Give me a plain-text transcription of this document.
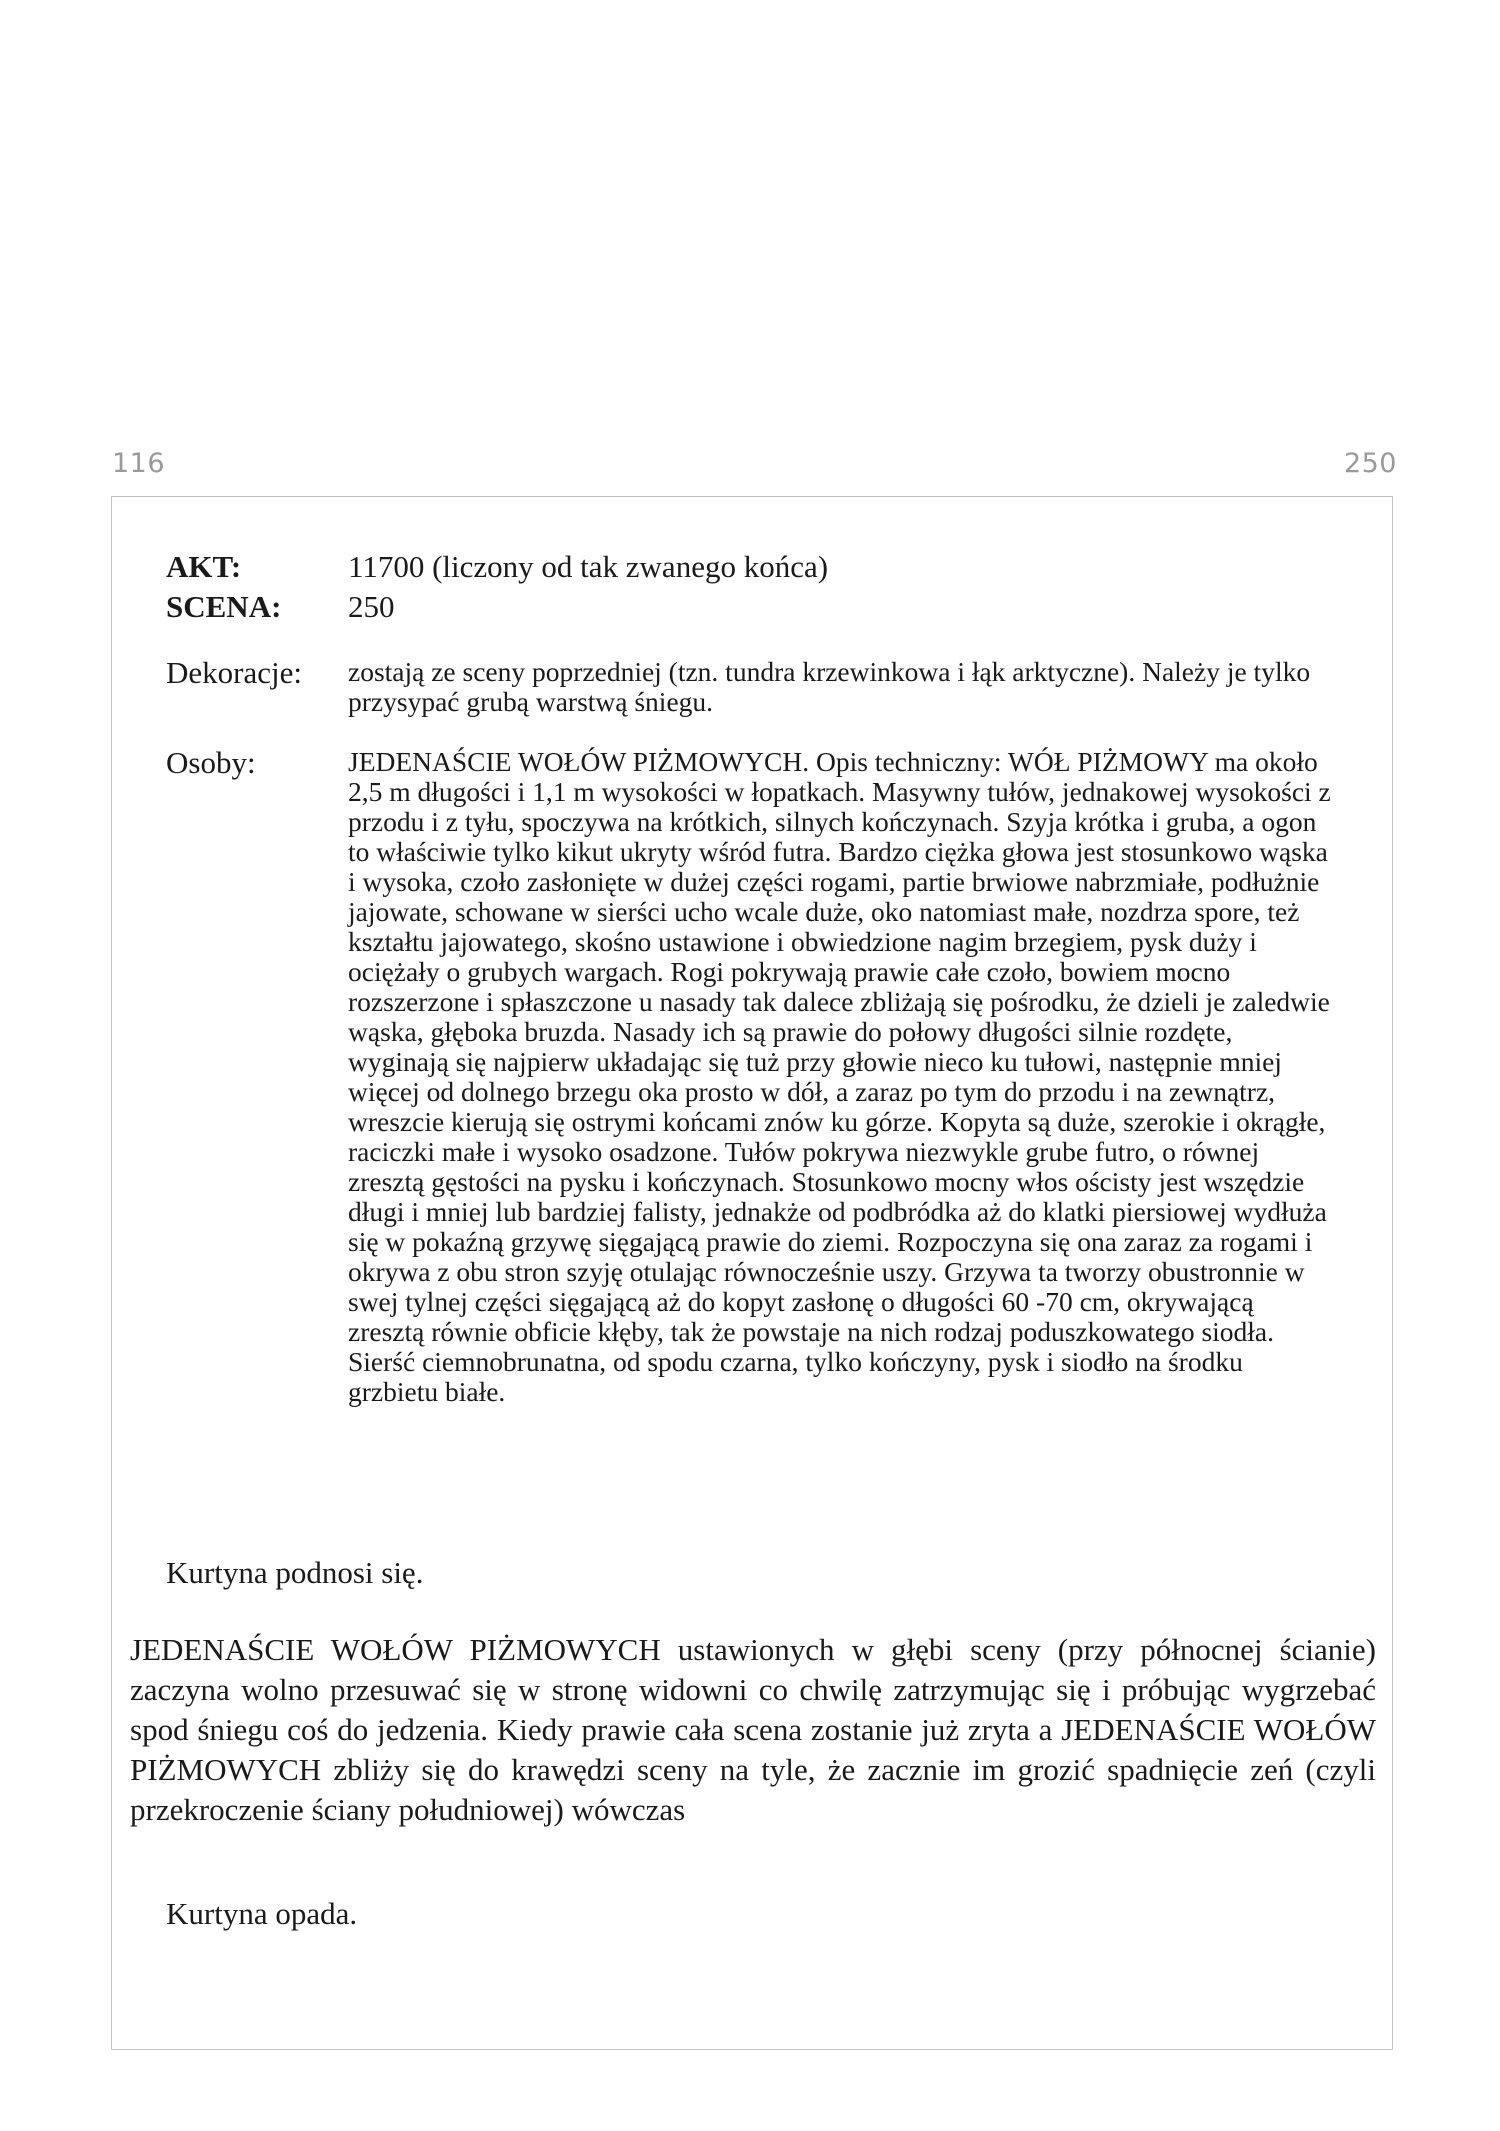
116	250
AKT:	11700 (liczony od tak zwanego końca)
SCENA:	250
Dekoracje:	zostają ze sceny poprzedniej (tzn. tundra krzewinkowa i łąk arktyczne). Należy je tylko przysypać grubą warstwą śniegu.
Osoby:	JEDENAŚCIE WOŁÓW PIŻMOWYCH. Opis techniczny: WÓŁ PIŻMOWY ma około 2,5 m długości i 1,1 m wysokości w łopatkach. Masywny tułów, jednakowej wysokości z przodu i z tyłu, spoczywa na krótkich, silnych kończynach. Szyja krótka i gruba, a ogon to właściwie tylko kikut ukryty wśród futra. Bardzo ciężka głowa jest stosunkowo wąska i wysoka, czoło zasłonięte w dużej części rogami, partie brwiowe nabrzmiałe, podłużnie jajowate, schowane w sierści ucho wcale duże, oko natomiast małe, nozdrza spore, też kształtu jajowatego, skośno ustawione i obwiedzione nagim brzegiem, pysk duży i ociężały o grubych wargach. Rogi pokrywają prawie całe czoło, bowiem mocno rozszerzone i spłaszczone u nasady tak dalece zbliżają się pośrodku, że dzieli je zaledwie wąska, głęboka bruzda. Nasady ich są prawie do połowy długości silnie rozdęte, wyginają się najpierw układając się tuż przy głowie nieco ku tułowi, następnie mniej więcej od dolnego brzegu oka prosto w dół, a zaraz po tym do przodu i na zewnątrz, wreszcie kierują się ostrymi końcami znów ku górze. Kopyta są duże, szerokie i okrągłe, raciczki małe i wysoko osadzone. Tułów pokrywa niezwykle grube futro, o równej zresztą gęstości na pysku i kończynach. Stosunkowo mocny włos ościsty jest wszędzie długi i mniej lub bardziej falisty, jednakże od podbródka aż do klatki piersiowej wydłuża się w pokaźną grzywę sięgającą prawie do ziemi. Rozpoczyna się ona zaraz za rogami i okrywa z obu stron szyję otulając równocześnie uszy. Grzywa ta tworzy obustronnie w swej tylnej części sięgającą aż do kopyt zasłonę o długości 60 -70 cm, okrywającą zresztą równie obficie kłęby, tak że powstaje na nich rodzaj poduszkowatego siodła. Sierść ciemnobrunatna, od spodu czarna, tylko kończyny, pysk i siodło na środku grzbietu białe.
Kurtyna podnosi się.
JEDENAŚCIE WOŁÓW PIŻMOWYCH ustawionych w głębi sceny (przy północnej ścianie) zaczyna wolno przesuwać się w stronę widowni co chwilę zatrzymując się i próbując wygrzebać spod śniegu coś do jedzenia. Kiedy prawie cała scena zostanie już zryta a JEDENAŚCIE WOŁÓW PIŻMOWYCH zbliży się do krawędzi sceny na tyle, że zacznie im grozić spadnięcie zeń (czyli przekroczenie ściany południowej) wówczas
Kurtyna opada.
